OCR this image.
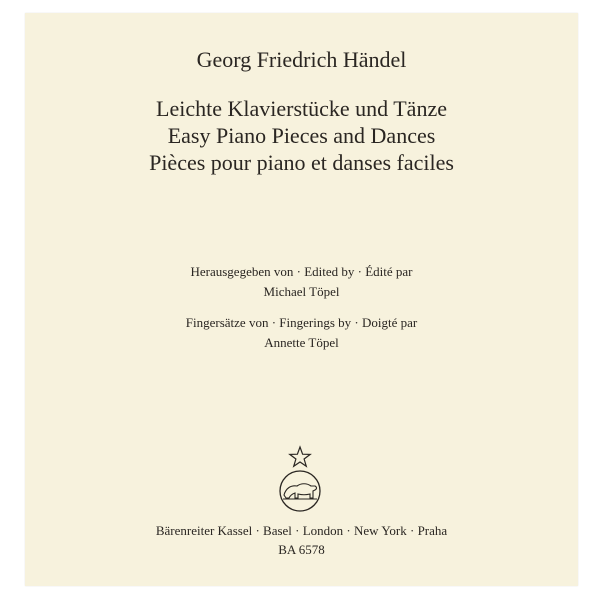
Georg Friedrich Händel
Leichte Klavierstücke und Tänze
Easy Piano Pieces and Dances
Pièces pour piano et danses faciles
Herausgegeben von · Edited by · Édité par
Michael Töpel
Fingersätze von · Fingerings by · Doigté par
Annette Töpel
Bärenreiter Kassel · Basel · London · New York · Praha
BA 6578
